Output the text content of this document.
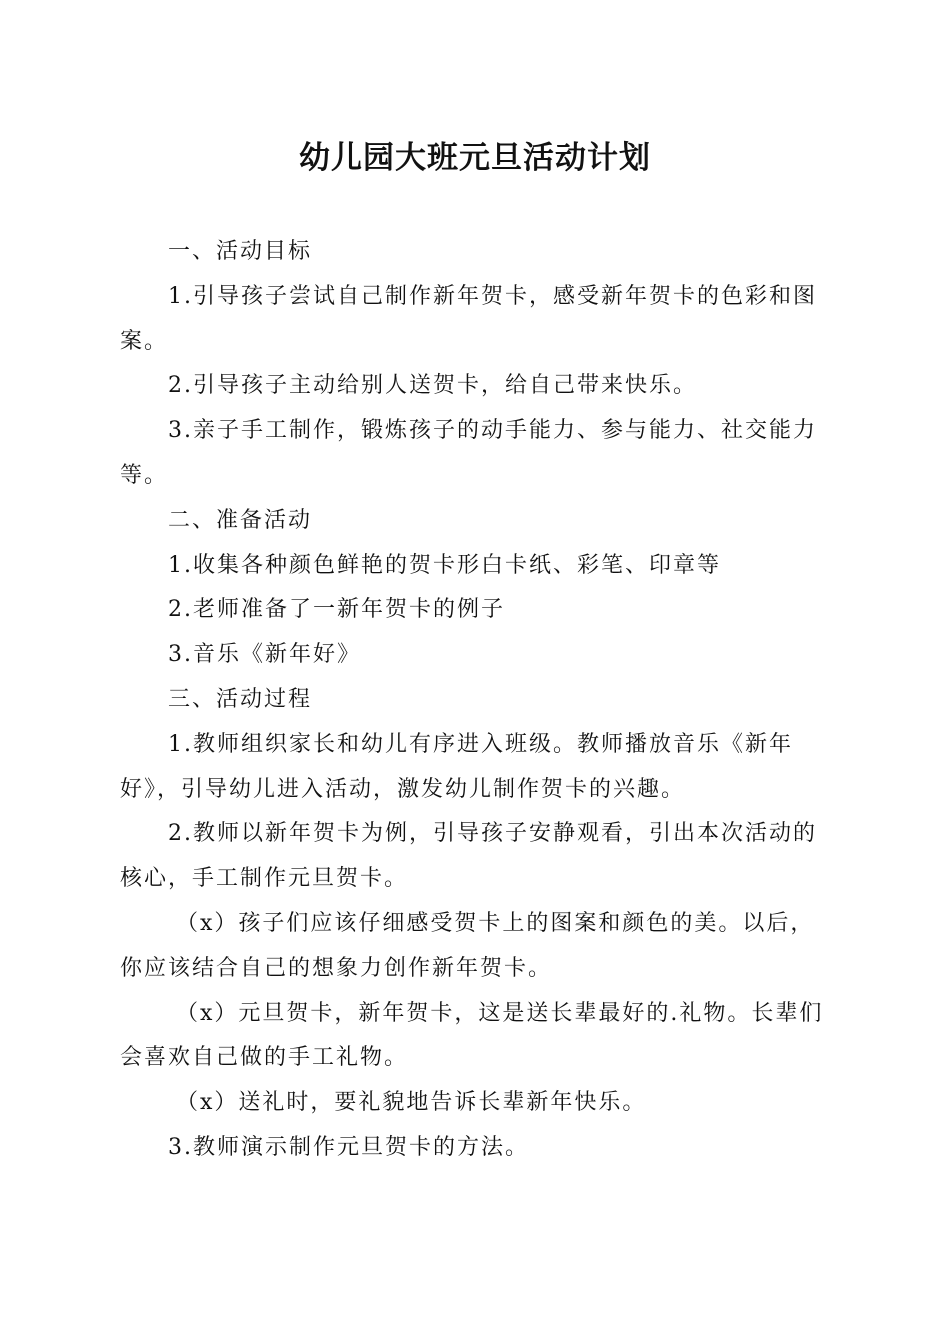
幼儿园大班元旦活动计划
一、活动目标

1.引导孩子尝试自己制作新年贺卡，感受新年贺卡的色彩和图案。

2.引导孩子主动给别人送贺卡，给自己带来快乐。

3.亲子手工制作，锻炼孩子的动手能力、参与能力、社交能力等。

二、准备活动

1.收集各种颜色鲜艳的贺卡形白卡纸、彩笔、印章等

2.老师准备了一新年贺卡的例子

3.音乐《新年好》

三、活动过程

1.教师组织家长和幼儿有序进入班级。教师播放音乐《新年好》，引导幼儿进入活动，激发幼儿制作贺卡的兴趣。

2.教师以新年贺卡为例，引导孩子安静观看，引出本次活动的核心，手工制作元旦贺卡。

（x）孩子们应该仔细感受贺卡上的图案和颜色的美。以后，你应该结合自己的想象力创作新年贺卡。

（x）元旦贺卡，新年贺卡，这是送长辈最好的.礼物。长辈们会喜欢自己做的手工礼物。

（x）送礼时，要礼貌地告诉长辈新年快乐。

3.教师演示制作元旦贺卡的方法。
